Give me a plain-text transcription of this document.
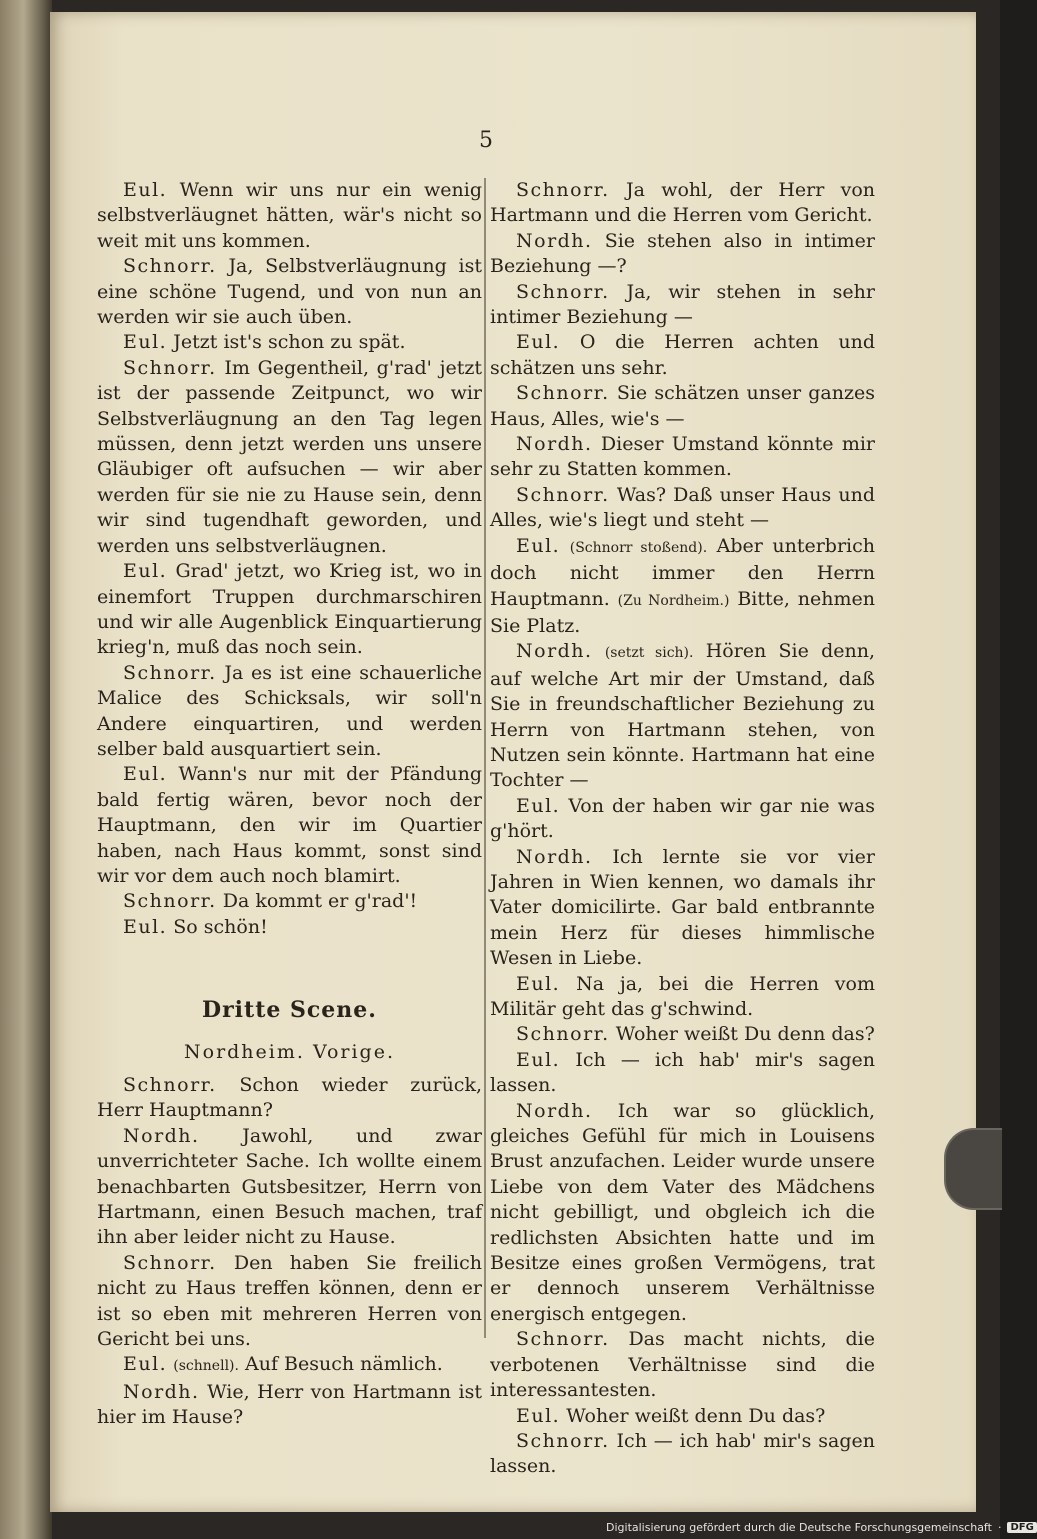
5

Eul. Wenn wir uns nur ein wenig selbstverläugnet hätten, wär's nicht so weit mit uns kommen.

Schnorr. Ja, Selbstverläugnung ist eine schöne Tugend, und von nun an werden wir sie auch üben.

Eul. Jetzt ist's schon zu spät.

Schnorr. Im Gegentheil, g'rad' jetzt ist der passende Zeitpunct, wo wir Selbstverläugnung an den Tag legen müssen, denn jetzt werden uns unsere Gläubiger oft aufsuchen — wir aber werden für sie nie zu Hause sein, denn wir sind tugendhaft geworden, und werden uns selbstverläugnen.

Eul. Grad' jetzt, wo Krieg ist, wo in einemfort Truppen durchmarschiren und wir alle Augenblick Einquartierung krieg'n, muß das noch sein.

Schnorr. Ja es ist eine schauerliche Malice des Schicksals, wir soll'n Andere einquartiren, und werden selber bald ausquartiert sein.

Eul. Wann's nur mit der Pfändung bald fertig wären, bevor noch der Hauptmann, den wir im Quartier haben, nach Haus kommt, sonst sind wir vor dem auch noch blamirt.

Schnorr. Da kommt er g'rad'!

Eul. So schön!

Dritte Scene.
Nordheim. Vorige.

Schnorr. Schon wieder zurück, Herr Hauptmann?

Nordh. Jawohl, und zwar unverrichteter Sache. Ich wollte einem benachbarten Gutsbesitzer, Herrn von Hartmann, einen Besuch machen, traf ihn aber leider nicht zu Hause.

Schnorr. Den haben Sie freilich nicht zu Haus treffen können, denn er ist so eben mit mehreren Herren von Gericht bei uns.

Eul. (schnell). Auf Besuch nämlich.

Nordh. Wie, Herr von Hartmann ist hier im Hause?

Schnorr. Ja wohl, der Herr von Hartmann und die Herren vom Gericht.

Nordh. Sie stehen also in intimer Beziehung —?

Schnorr. Ja, wir stehen in sehr intimer Beziehung —

Eul. O die Herren achten und schätzen uns sehr.

Schnorr. Sie schätzen unser ganzes Haus, Alles, wie's —

Nordh. Dieser Umstand könnte mir sehr zu Statten kommen.

Schnorr. Was? Daß unser Haus und Alles, wie's liegt und steht —

Eul. (Schnorr stoßend). Aber unterbrich doch nicht immer den Herrn Hauptmann. (Zu Nordheim.) Bitte, nehmen Sie Platz.

Nordh. (setzt sich). Hören Sie denn, auf welche Art mir der Umstand, daß Sie in freundschaftlicher Beziehung zu Herrn von Hartmann stehen, von Nutzen sein könnte. Hartmann hat eine Tochter —

Eul. Von der haben wir gar nie was g'hört.

Nordh. Ich lernte sie vor vier Jahren in Wien kennen, wo damals ihr Vater domicilirte. Gar bald entbrannte mein Herz für dieses himmlische Wesen in Liebe.

Eul. Na ja, bei die Herren vom Militär geht das g'schwind.

Schnorr. Woher weißt Du denn das?

Eul. Ich — ich hab' mir's sagen lassen.

Nordh. Ich war so glücklich, gleiches Gefühl für mich in Louisens Brust anzufachen. Leider wurde unsere Liebe von dem Vater des Mädchens nicht gebilligt, und obgleich ich die redlichsten Absichten hatte und im Besitze eines großen Vermögens, trat er dennoch unserem Verhältnisse energisch entgegen.

Schnorr. Das macht nichts, die verbotenen Verhältnisse sind die interessantesten.

Eul. Woher weißt denn Du das?

Schnorr. Ich — ich hab' mir's sagen lassen.

Digitalisierung gefördert durch die Deutsche Forschungsgemeinschaft · DFG
